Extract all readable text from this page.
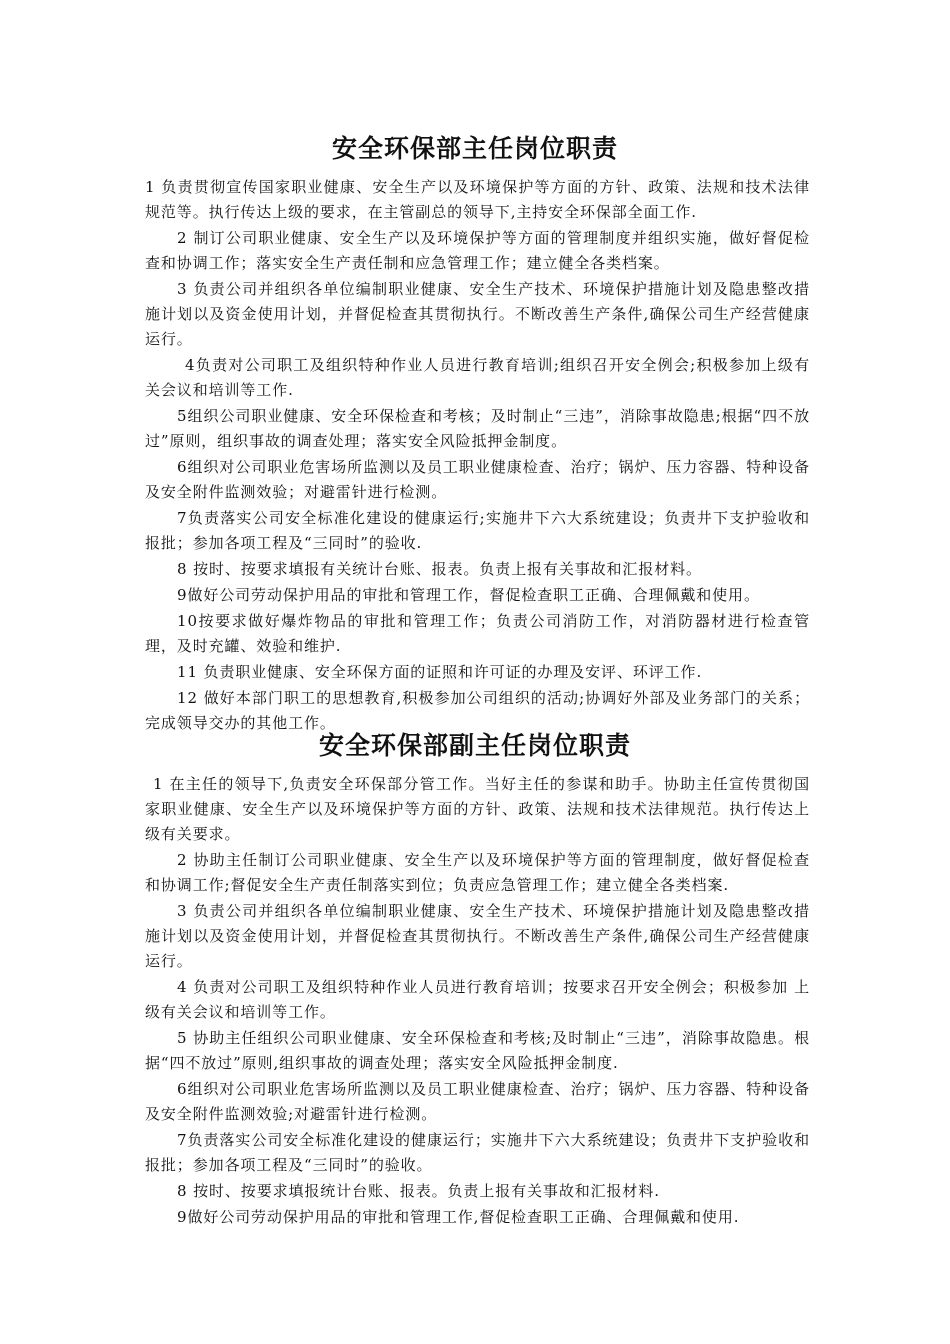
安全环保部主任岗位职责

1 负责贯彻宣传国家职业健康、安全生产以及环境保护等方面的方针、政策、法规和技术法律规范等。执行传达上级的要求，在主管副总的领导下,主持安全环保部全面工作.

2 制订公司职业健康、安全生产以及环境保护等方面的管理制度并组织实施，做好督促检查和协调工作；落实安全生产责任制和应急管理工作；建立健全各类档案。

3 负责公司并组织各单位编制职业健康、安全生产技术、环境保护措施计划及隐患整改措施计划以及资金使用计划，并督促检查其贯彻执行。不断改善生产条件,确保公司生产经营健康运行。

4负责对公司职工及组织特种作业人员进行教育培训;组织召开安全例会;积极参加上级有关会议和培训等工作.

5组织公司职业健康、安全环保检查和考核；及时制止“三违”，消除事故隐患;根据“四不放过”原则，组织事故的调查处理；落实安全风险抵押金制度。

6组织对公司职业危害场所监测以及员工职业健康检查、治疗；锅炉、压力容器、特种设备及安全附件监测效验；对避雷针进行检测。

7负责落实公司安全标准化建设的健康运行;实施井下六大系统建设；负责井下支护验收和报批；参加各项工程及“三同时”的验收.

8 按时、按要求填报有关统计台账、报表。负责上报有关事故和汇报材料。

9做好公司劳动保护用品的审批和管理工作，督促检查职工正确、合理佩戴和使用。

10按要求做好爆炸物品的审批和管理工作；负责公司消防工作，对消防器材进行检查管理，及时充罐、效验和维护.

11 负责职业健康、安全环保方面的证照和许可证的办理及安评、环评工作.

12 做好本部门职工的思想教育,积极参加公司组织的活动;协调好外部及业务部门的关系；完成领导交办的其他工作。

安全环保部副主任岗位职责

1 在主任的领导下,负责安全环保部分管工作。当好主任的参谋和助手。协助主任宣传贯彻国家职业健康、安全生产以及环境保护等方面的方针、政策、法规和技术法律规范。执行传达上级有关要求。

2 协助主任制订公司职业健康、安全生产以及环境保护等方面的管理制度，做好督促检查和协调工作;督促安全生产责任制落实到位；负责应急管理工作；建立健全各类档案.

3 负责公司并组织各单位编制职业健康、安全生产技术、环境保护措施计划及隐患整改措施计划以及资金使用计划，并督促检查其贯彻执行。不断改善生产条件,确保公司生产经营健康运行。

4 负责对公司职工及组织特种作业人员进行教育培训；按要求召开安全例会；积极参加 上级有关会议和培训等工作。

5 协助主任组织公司职业健康、安全环保检查和考核;及时制止“三违”，消除事故隐患。根据“四不放过”原则,组织事故的调查处理；落实安全风险抵押金制度.

6组织对公司职业危害场所监测以及员工职业健康检查、治疗；锅炉、压力容器、特种设备及安全附件监测效验;对避雷针进行检测。

7负责落实公司安全标准化建设的健康运行；实施井下六大系统建设；负责井下支护验收和报批；参加各项工程及“三同时”的验收。

8 按时、按要求填报统计台账、报表。负责上报有关事故和汇报材料.

9做好公司劳动保护用品的审批和管理工作,督促检查职工正确、合理佩戴和使用.
